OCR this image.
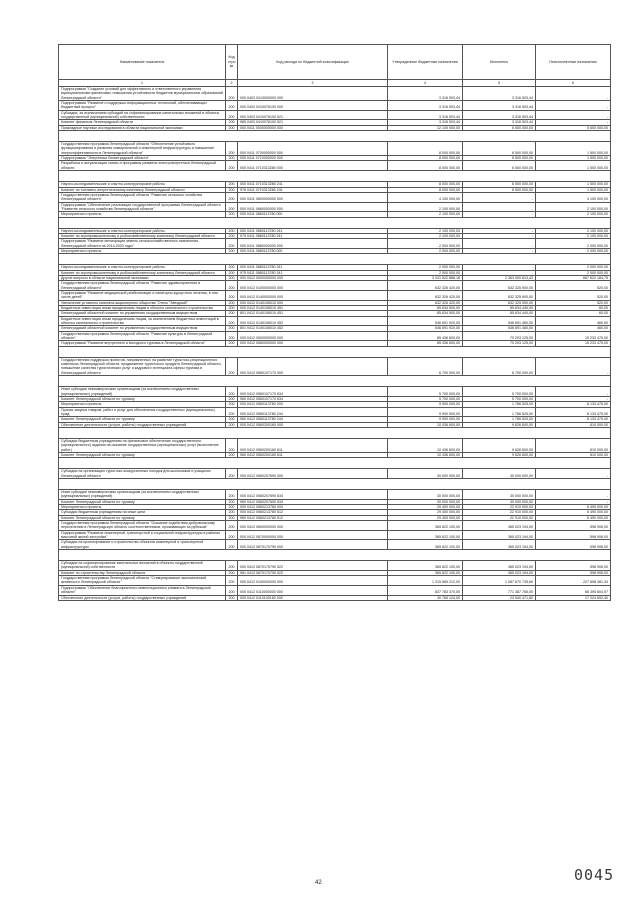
Наименование показателя	Код стро ки	Код расхода по бюджетной классификации	Утвержденные бюджетные назначения	Исполнено	Неисполненные назначения
1	2	3	4	5	6
Подпрограмма "Создание условий для эффективного и ответственного управления муниципальными финансами, повышения устойчивости бюджетов муниципальных образований Ленинградской области"	200	000 0403 0410000000 000	3 316 503,44	3 316 503,44	-
Подпрограмма "Развитие и поддержка информационных технологий, обеспечивающих бюджетный процесс"	200	000 0403 0410076100 000	3 316 503,44	3 316 503,44	-
Субсидии, за исключением субсидий на софинансирование капитальных вложений в объекты государственной (муниципальной) собственности	200	000 0403 0410076100 521	3 316 503,44	3 316 503,44	-
Комитет финансов Ленинградской области	200	985 0403 0410076100 521	3 316 503,44	3 316 503,44	-
Прикладные научные исследования в области национальной экономики	200	000 0411 0000000000 000	12 100 000,00	6 500 000,00	5 600 000,00

Государственная программа Ленинградской области "Обеспечение устойчивого функционирования и развития коммунальной и инженерной инфраструктуры и повышение энергоэффективности в Ленинградской области"	200	000 0411 0700000000 000	8 000 000,00	6 500 000,00	1 500 000,00
Подпрограмма "Энергетика Ленинградской области"	200	000 0411 0710000000 000	8 000 000,00	6 500 000,00	1 500 000,00
Разработка и актуализация схемы и программы развития электроэнергетики Ленинградской области	200	000 0411 0710313280 000	8 000 000,00	6 500 000,00	1 500 000,00

Научно-исследовательские и опытно-конструкторские работы	200	000 0411 0710313280 241	8 000 000,00	6 500 000,00	1 500 000,00
Комитет по топливно-энергетическому комплексу Ленинградской области	200	978 0411 0710313280 241	8 000 000,00	6 500 000,00	1 500 000,00
Государственная программа Ленинградской области "Развитие сельского хозяйства Ленинградской области"	200	000 0411 0800000000 000	4 100 000,00	-	4 100 000,00
Подпрограмма "Обеспечение реализации государственной программы Ленинградской области "Развитие сельского хозяйства Ленинградской области"	200	000 0411 0860000000 000	2 100 000,00	-	2 100 000,00
Мероприятия и проекты	200	000 0411 0860113780 000	2 100 000,00	-	2 100 000,00

Научно-исследовательские и опытно-конструкторские работы	200	000 0411 0860113780 241	2 100 000,00	-	2 100 000,00
Комитет по агропромышленному и рыбохозяйственному комплексу Ленинградской области	200	975 0411 0860113780 241	2 100 000,00	-	2 100 000,00
Подпрограмма "Развитие мелиорации земель сельскохозяйственного назначения Ленинградской области на 2014-2020 годы"	200	000 0411 0880000000 000	2 000 000,00	-	2 000 000,00
Мероприятия и проекты	200	000 0411 0880113780 000	2 000 000,00	-	2 000 000,00

Научно-исследовательские и опытно-конструкторские работы	200	000 0411 0880113780 241	2 000 000,00	-	2 000 000,00
Комитет по агропромышленному и рыбохозяйственному комплексу Ленинградской области	200	975 0411 0880113780 241	2 000 000,00	-	2 000 000,00
Другие вопросы в области национальной экономики	200	000 0412 0000000000 000	3 031 522 888,18	2 363 900 813,43	667 622 184,75
Государственная программа Ленинградской области "Развитие здравоохранения в Ленинградской области"	200	000 0412 0100000000 000	632 326 420,00	632 325 900,00	520,00
Подпрограмма "Развитие медицинской реабилитации и санаторно-курортного лечения, в том числе детей"	200	000 0412 0140000000 000	632 326 420,00	632 325 900,00	520,00
Увеличение уставного капитала акционерного общества "Отель "Звездный"	200	000 0412 0140106010 000	632 326 420,00	632 325 900,00	520,00
Бюджетные инвестиции иным юридическим лицам в объекты капитального строительства	200	000 0412 0140106010 451	85 634 500,00	85 634 440,00	60,00
Ленинградский областной комитет по управлению государственным имуществом	200	801 0412 0140106010 451	85 634 500,00	85 634 440,00	60,00
Бюджетные инвестиции иным юридическим лицам, за исключением бюджетных инвестиций в объекты капитального строительства	200	000 0412 0140106010 452	546 691 920,00	546 691 460,00	460,00
Ленинградский областной комитет по управлению государственным имуществом	200	801 0412 0140106010 452	546 691 920,00	546 691 460,00	460,00
Государственная программа Ленинградской области "Развитие культуры в Ленинградской области"	200	000 0412 0500000000 000	85 436 600,00	70 203 125,00	15 233 475,00
Подпрограмма "Развитие внутреннего и въездного туризма в Ленинградской области"	200	000 0412 0560000000 000	85 436 600,00	70 203 125,00	15 233 475,00

Государственная поддержка проектов, направленных на развитие туристско-рекреационного комплекса Ленинградской области, продвижение туристского продукта Ленинградской области, повышение качества туристических услуг и кадрового потенциала сферы туризма в Ленинградской области	200	000 0412 0560107170 000	6 700 000,00	6 700 000,00	-

Иные субсидии некоммерческим организациям (за исключением государственных (муниципальных) учреждений)	200	000 0412 0560107170 634	5 700 000,00	5 700 000,00	-
Комитет Ленинградской области по туризму	200	960 0412 0560107170 634	5 700 000,00	5 700 000,00	-
Мероприятия и проекты	200	000 0412 0560113780 000	9 900 000,00	1 766 525,00	8 133 475,00
Прочая закупка товаров, работ и услуг для обеспечения государственных (муниципальных) нужд	200	000 0412 0560113780 244	9 900 000,00	1 766 525,00	8 133 475,00
Комитет Ленинградской области по туризму	200	960 0412 0560113780 244	9 900 000,00	1 766 525,00	8 133 475,00
Обеспечение деятельности (услуги, работы) государственных учреждений	200	000 0412 0560200160 000	10 436 600,00	9 626 600,00	810 000,00

Субсидии бюджетным учреждениям на финансовое обеспечение государственного (муниципального) задания на оказание государственных (муниципальных) услуг (выполнение работ)	200	000 0412 0560200160 611	10 436 600,00	9 626 600,00	810 000,00
Комитет Ленинградской области по туризму	200	960 0412 0560200160 611	10 436 600,00	9 626 600,00	810 000,00

Субсидии на организацию туристско-экскурсионных поездок для школьников и учащихся Ленинградской области	200	000 0412 0560207690 000	30 000 000,00	30 000 000,00	-

Иные субсидии некоммерческим организациям (за исключением государственных (муниципальных) учреждений)	200	000 0412 0560207690 634	30 000 000,00	30 000 000,00	-
Комитет Ленинградской области по туризму	200	960 0412 0560207690 634	30 000 000,00	30 000 000,00	-
Мероприятия и проекты	200	000 0412 0560213780 000	29 400 000,00	22 910 000,00	6 490 000,00
Субсидии бюджетным учреждениям на иные цели	200	000 0412 0560213780 612	29 400 000,00	22 910 000,00	6 490 000,00
Комитет Ленинградской области по туризму	200	960 0412 0560213780 612	29 400 000,00	22 910 000,00	6 490 000,00
Государственная программа Ленинградской области "Оказание содействия добровольному переселению в Ленинградскую область соотечественников, проживающих за рубежом"	200	000 0412 0600000000 000	365 622 100,00	365 023 194,00	598 906,00
Подпрограмма "Развитие инженерной, транспортной и социальной инфраструктуры в районах массовой жилой застройки"	200	000 0412 0870000000 000	365 622 100,00	365 023 194,00	598 906,00
Субсидии на проектирование и строительство объектов инженерной и транспортной инфраструктуры	200	000 0412 0870170790 000	365 622 100,00	365 023 194,00	598 906,00

Субсидии на софинансирование капитальных вложений в объекты государственной (муниципальной) собственности	200	000 0412 0870170790 522	365 622 100,00	365 023 194,00	598 906,00
Комитет по строительству Ленинградской области	200	981 0412 0870170790 522	365 622 100,00	365 023 194,00	598 906,00
Государственная программа Ленинградской области "Стимулирование экономической активности Ленинградской области"	200	000 0412 0100000000 000	1 315 569 212,00	1 087 670 735,66	227 898 481,34
Подпрограмма "Обеспечение благоприятного инвестиционного климата в Ленинградской области"	200	000 0412 0110000000 000	837 783 370,00	771 387 765,00	66 395 604,97
Обеспечение деятельности (услуги, работы) государственных учреждений	200	000 0412 0110100160 000	30 765 124,00	23 540 471,60	17 224 652,40
42	0045
